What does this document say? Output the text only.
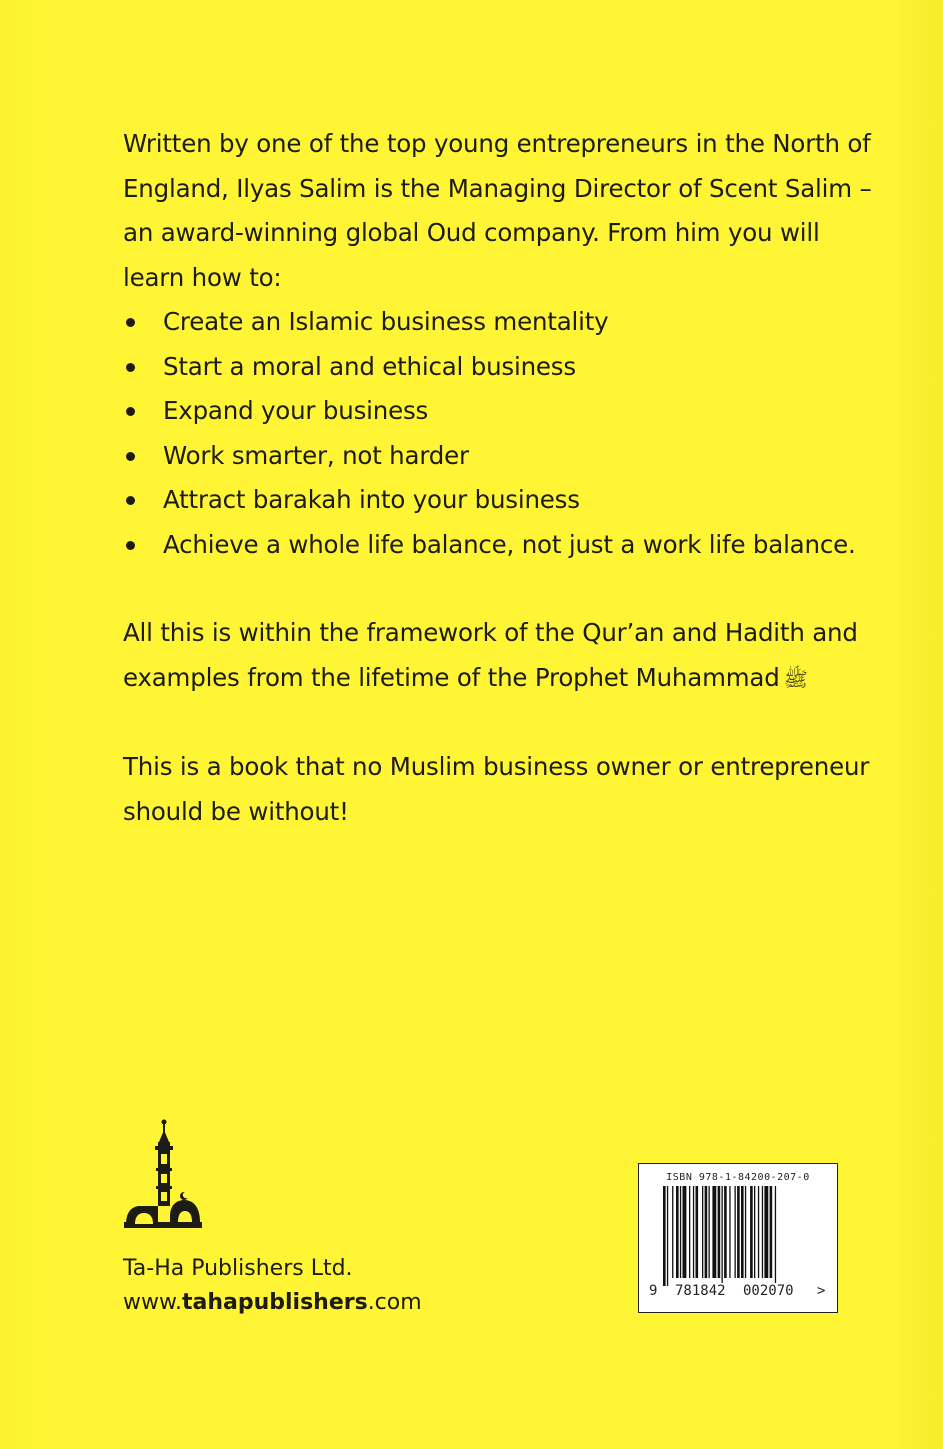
Written by one of the top young entrepreneurs in the North of England, Ilyas Salim is the Managing Director of Scent Salim – an award-winning global Oud company. From him you will learn how to:

Create an Islamic business mentality
Start a moral and ethical business
Expand your business
Work smarter, not harder
Attract barakah into your business
Achieve a whole life balance, not just a work life balance.

All this is within the framework of the Qur’an and Hadith and examples from the lifetime of the Prophet Muhammad ﷺ

This is a book that no Muslim business owner or entrepreneur should be without!

Ta-Ha Publishers Ltd.
www.tahapublishers.com
ISBN 978-1-84200-207-0
9 781842 002070 >
